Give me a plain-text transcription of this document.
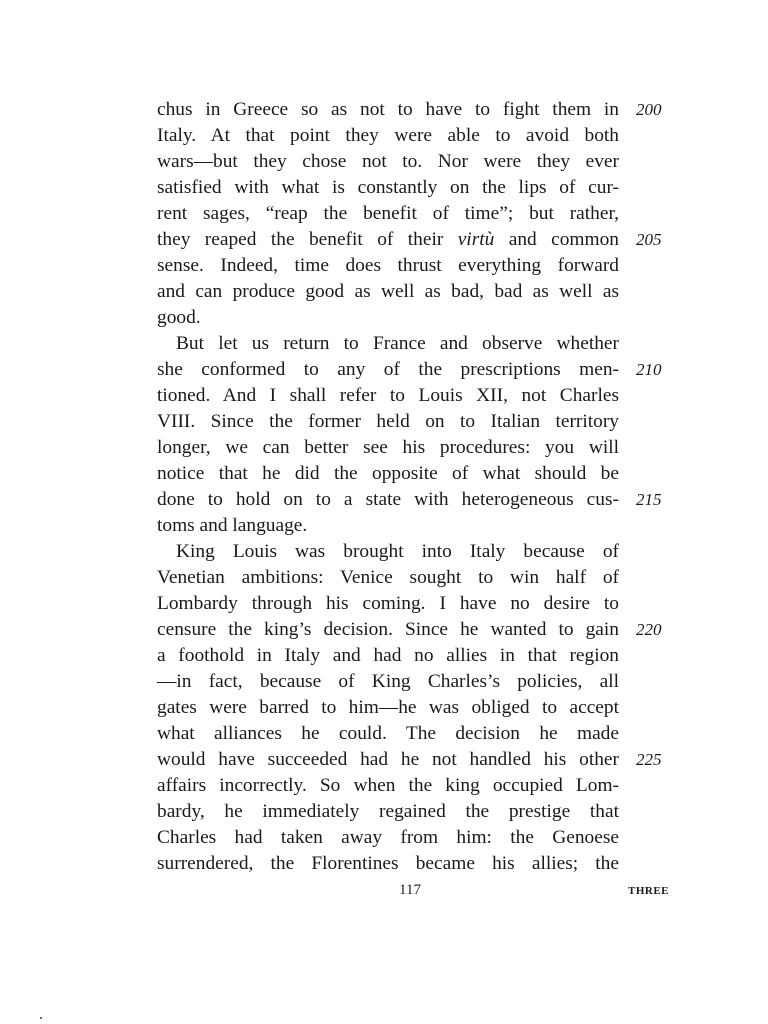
chus in Greece so as not to have to fight them in 200
Italy. At that point they were able to avoid both
wars—but they chose not to. Nor were they ever
satisfied with what is constantly on the lips of cur-
rent sages, “reap the benefit of time”; but rather,
they reaped the benefit of their virtù and common 205
sense. Indeed, time does thrust everything forward
and can produce good as well as bad, bad as well as
good.
But let us return to France and observe whether
she conformed to any of the prescriptions men- 210
tioned. And I shall refer to Louis XII, not Charles
VIII. Since the former held on to Italian territory
longer, we can better see his procedures: you will
notice that he did the opposite of what should be
done to hold on to a state with heterogeneous cus- 215
toms and language.
King Louis was brought into Italy because of
Venetian ambitions: Venice sought to win half of
Lombardy through his coming. I have no desire to
censure the king’s decision. Since he wanted to gain 220
a foothold in Italy and had no allies in that region
—in fact, because of King Charles’s policies, all
gates were barred to him—he was obliged to accept
what alliances he could. The decision he made
would have succeeded had he not handled his other 225
affairs incorrectly. So when the king occupied Lom-
bardy, he immediately regained the prestige that
Charles had taken away from him: the Genoese
surrendered, the Florentines became his allies; the
117	THREE
